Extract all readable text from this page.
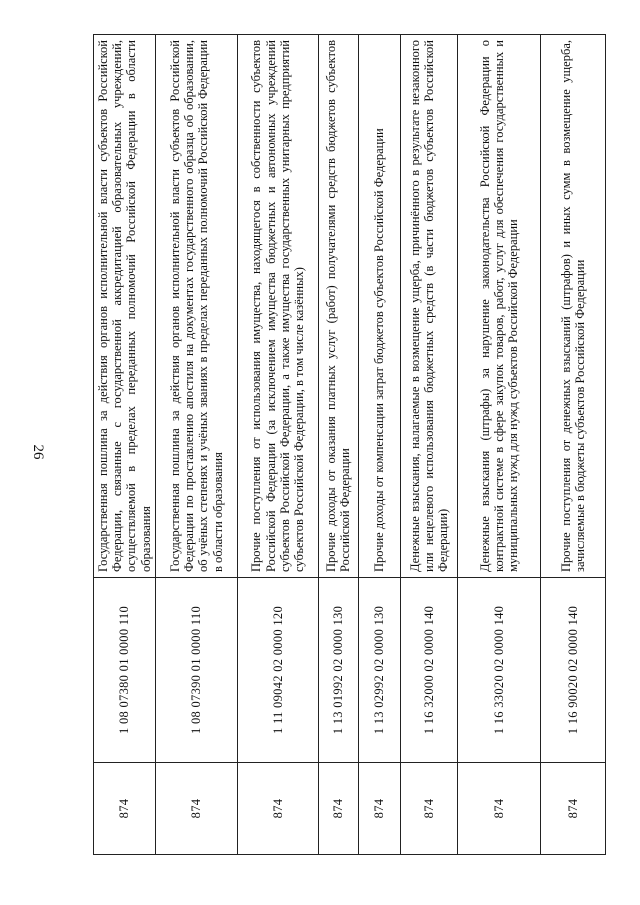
26
874	1 08 07380 01 0000 110	Государственная пошлина за действия органов исполнительной власти субъектов Российской Федерации, связанные с государственной аккредитацией образовательных учреждений, осуществляемой в пределах переданных полномочий Российской Федерации в области образования
874	1 08 07390 01 0000 110	Государственная пошлина за действия органов исполнительной власти субъектов Российской Федерации по проставлению апостиля на документах государственного образца об образовании, об учёных степенях и учёных званиях в пределах переданных полномочий Российской Федерации в области образования
874	1 11 09042 02 0000 120	Прочие поступления от использования имущества, находящегося в собственности субъектов Российской Федерации (за исключением имущества бюджетных и автономных учреждений субъектов Российской Федерации, а также имущества государственных унитарных предприятий субъектов Российской Федерации, в том числе казённых)
874	1 13 01992 02 0000 130	Прочие доходы от оказания платных услуг (работ) получателями средств бюджетов субъектов Российской Федерации
874	1 13 02992 02 0000 130	Прочие доходы от компенсации затрат бюджетов субъектов Российской Федерации
874	1 16 32000 02 0000 140	Денежные взыскания, налагаемые в возмещение ущерба, причинённого в результате незаконного или нецелевого использования бюджетных средств (в части бюджетов субъектов Российской Федерации)
874	1 16 33020 02 0000 140	Денежные взыскания (штрафы) за нарушение законодательства Российской Федерации о контрактной системе в сфере закупок товаров, работ, услуг для обеспечения государственных и муниципальных нужд для нужд субъектов Российской Федерации
874	1 16 90020 02 0000 140	Прочие поступления от денежных взысканий (штрафов) и иных сумм в возмещение ущерба, зачисляемые в бюджеты субъектов Российской Федерации
